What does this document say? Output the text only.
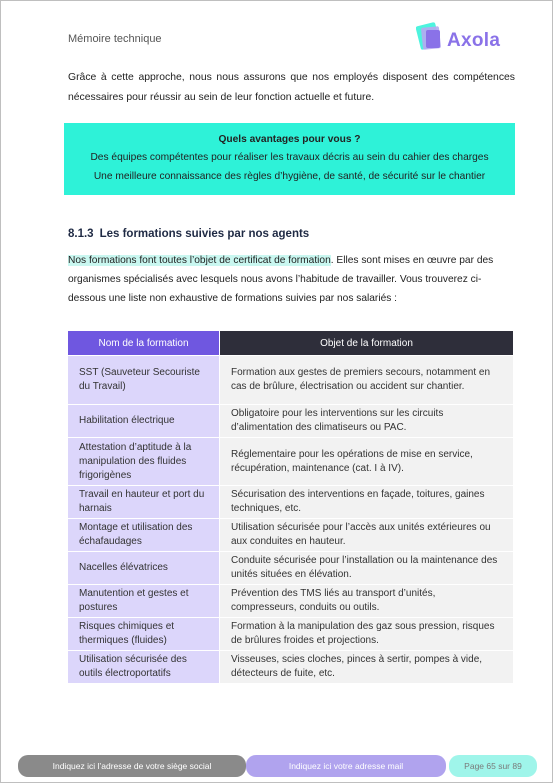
Mémoire technique	Axola
Grâce à cette approche, nous nous assurons que nos employés disposent des compétences nécessaires pour réussir au sein de leur fonction actuelle et future.
Quels avantages pour vous ?
Des équipes compétentes pour réaliser les travaux décris au sein du cahier des charges
Une meilleure connaissance des règles d’hygiène, de santé, de sécurité sur le chantier
8.1.3 Les formations suivies par nos agents
Nos formations font toutes l’objet de certificat de formation. Elles sont mises en œuvre par des organismes spécialisés avec lesquels nous avons l’habitude de travailler. Vous trouverez ci-dessous une liste non exhaustive de formations suivies par nos salariés :
Nom de la formation	Objet de la formation
SST (Sauveteur Secouriste du Travail)	Formation aux gestes de premiers secours, notamment en cas de brûlure, électrisation ou accident sur chantier.
Habilitation électrique	Obligatoire pour les interventions sur les circuits d’alimentation des climatiseurs ou PAC.
Attestation d’aptitude à la manipulation des fluides frigorigènes	Réglementaire pour les opérations de mise en service, récupération, maintenance (cat. I à IV).
Travail en hauteur et port du harnais	Sécurisation des interventions en façade, toitures, gaines techniques, etc.
Montage et utilisation des échafaudages	Utilisation sécurisée pour l’accès aux unités extérieures ou aux conduites en hauteur.
Nacelles élévatrices	Conduite sécurisée pour l’installation ou la maintenance des unités situées en élévation.
Manutention et gestes et postures	Prévention des TMS liés au transport d’unités, compresseurs, conduits ou outils.
Risques chimiques et thermiques (fluides)	Formation à la manipulation des gaz sous pression, risques de brûlures froides et projections.
Utilisation sécurisée des outils électroportatifs	Visseuses, scies cloches, pinces à sertir, pompes à vide, détecteurs de fuite, etc.
Indiquez ici l’adresse de votre siège social	Indiquez ici votre adresse mail	Page 65 sur 89
